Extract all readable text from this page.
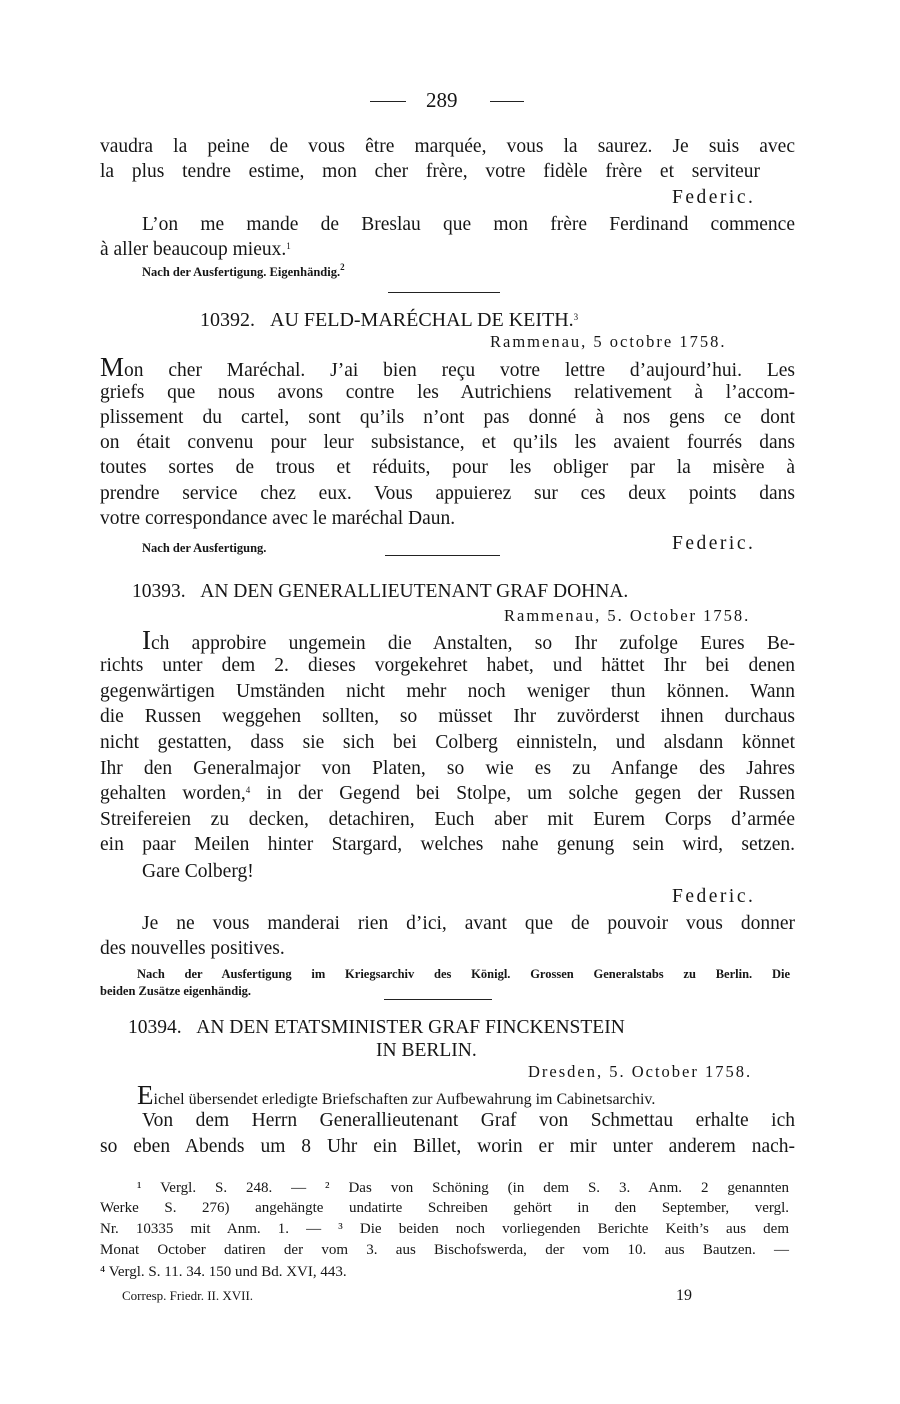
289
vaudra la peine de vous être marquée, vous la saurez. Je suis avec
la plus tendre estime, mon cher frère, votre fidèle frère et serviteur
Federic.
L’on me mande de Breslau que mon frère Ferdinand commence
à aller beaucoup mieux.$^1$
Nach der Ausfertigung. Eigenhändig.$^2$
10392. AU FELD-MARÉCHAL DE KEITH.$^3$
Rammenau, 5 octobre 1758.
Mon cher Maréchal. J’ai bien reçu votre lettre d’aujourd’hui. Les
griefs que nous avons contre les Autrichiens relativement à l’accom-
plissement du cartel, sont qu’ils n’ont pas donné à nos gens ce dont
on était convenu pour leur subsistance, et qu’ils les avaient fourrés dans
toutes sortes de trous et réduits, pour les obliger par la misère à
prendre service chez eux. Vous appuierez sur ces deux points dans
votre correspondance avec le maréchal Daun.
Nach der Ausfertigung.	Federic.
10393. AN DEN GENERALLIEUTENANT GRAF DOHNA.
Rammenau, 5. October 1758.
Ich approbire ungemein die Anstalten, so Ihr zufolge Eures Be-
richts unter dem 2. dieses vorgekehret habet, und hättet Ihr bei denen
gegenwärtigen Umständen nicht mehr noch weniger thun können. Wann
die Russen weggehen sollten, so müsset Ihr zuvörderst ihnen durchaus
nicht gestatten, dass sie sich bei Colberg einnisteln, und alsdann könnet
Ihr den Generalmajor von Platen, so wie es zu Anfange des Jahres
gehalten worden,$^4$ in der Gegend bei Stolpe, um solche gegen der Russen
Streifereien zu decken, detachiren, Euch aber mit Eurem Corps d’armée
ein paar Meilen hinter Stargard, welches nahe genung sein wird, setzen.
Gare Colberg!
Federic.
Je ne vous manderai rien d’ici, avant que de pouvoir vous donner
des nouvelles positives.
Nach der Ausfertigung im Kriegsarchiv des Königl. Grossen Generalstabs zu Berlin. Die
beiden Zusätze eigenhändig.
10394. AN DEN ETATSMINISTER GRAF FINCKENSTEIN
IN BERLIN.
Dresden, 5. October 1758.
Eichel übersendet erledigte Briefschaften zur Aufbewahrung im Cabinetsarchiv.
Von dem Herrn Generallieutenant Graf von Schmettau erhalte ich
so eben Abends um 8 Uhr ein Billet, worin er mir unter anderem nach-
¹ Vergl. S. 248. — ² Das von Schöning (in dem S. 3. Anm. 2 genannten
Werke S. 276) angehängte undatirte Schreiben gehört in den September, vergl.
Nr. 10335 mit Anm. 1. — ³ Die beiden noch vorliegenden Berichte Keith’s aus dem
Monat October datiren der vom 3. aus Bischofswerda, der vom 10. aus Bautzen. —
⁴ Vergl. S. 11. 34. 150 und Bd. XVI, 443.
Corresp. Friedr. II. XVII.	19
